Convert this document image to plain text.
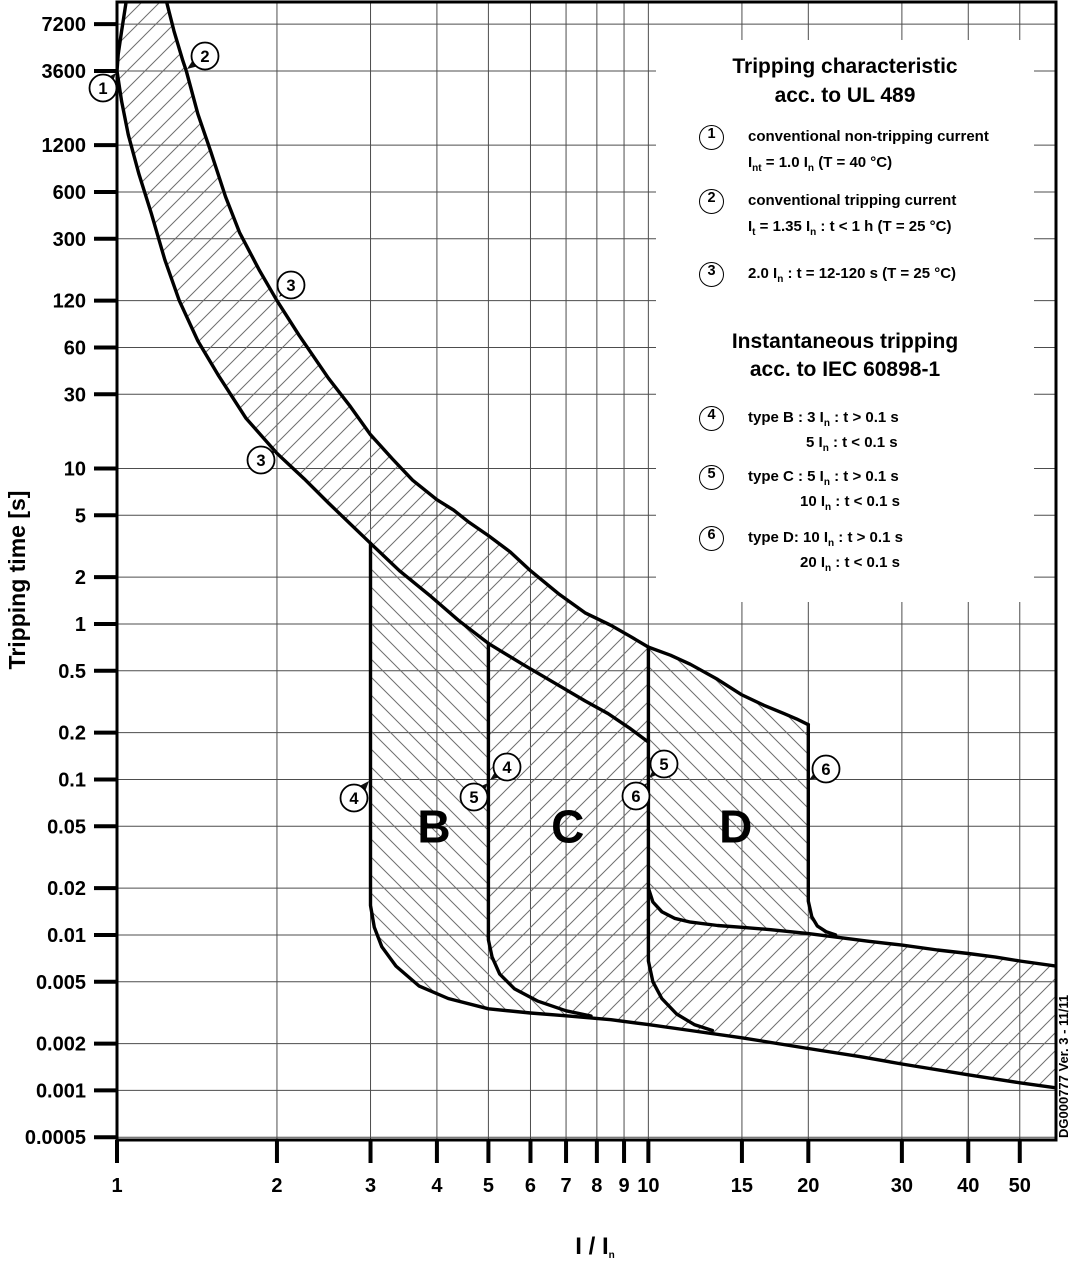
1	2	3	4 5 6 7 8 9 10	15 20	30 40 50
7200
3600
1200
600
300
120
60
30
10
5
2
1
0.5
0.2
0.1
0.05
0.02
0.01
0.005
0.002
0.001
0.0005
B C	D
1
2
3
3
4
4
5
5
6
6
DG000777 Ver. 3 - 11/11
Tripping time [s]
I / In
Tripping characteristic
acc. to UL 489
1	conventional non-tripping current
$I_{nt} = 1.0$ $I_n$ (T = 40 °C)
2	conventional tripping current
$I_t = 1.35$ $I_n$ : t < 1 h (T = 25 °C)
3	2.0 $I_n$ : t = 12-120 s (T = 25 °C)
Instantaneous tripping
acc. to IEC 60898-1
4	type B : 3 $I_n$ : t > 0.1 s
5 $I_n$ : t < 0.1 s
5	type C : 5 $I_n$ : t > 0.1 s
10 $I_n$ : t < 0.1 s
6	type D: 10 $I_n$ : t > 0.1 s
20 $I_n$ : t < 0.1 s
